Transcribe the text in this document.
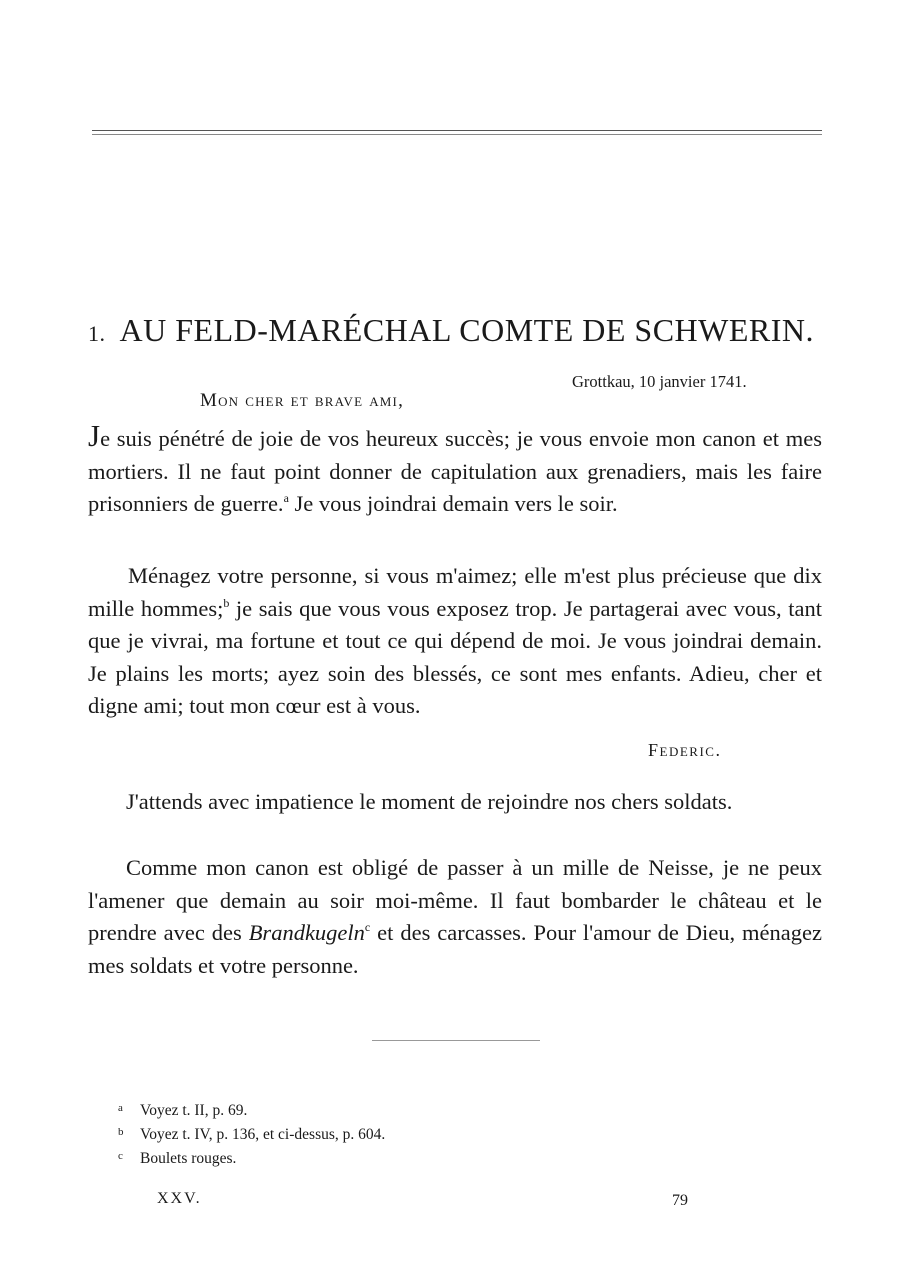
1. AU FELD-MARÉCHAL COMTE DE SCHWERIN.
Grottkau, 10 janvier 1741.
Mon cher et brave ami,

Je suis pénétré de joie de vos heureux succès; je vous envoie mon canon et mes mortiers. Il ne faut point donner de capitulation aux grenadiers, mais les faire prisonniers de guerre.$^a$ Je vous joindrai demain vers le soir.

Ménagez votre personne, si vous m'aimez; elle m'est plus précieuse que dix mille hommes;$^b$ je sais que vous vous exposez trop. Je partagerai avec vous, tant que je vivrai, ma fortune et tout ce qui dépend de moi. Je vous joindrai demain. Je plains les morts; ayez soin des blessés, ce sont mes enfants. Adieu, cher et digne ami; tout mon cœur est à vous.

Federic.

J'attends avec impatience le moment de rejoindre nos chers soldats.

Comme mon canon est obligé de passer à un mille de Neisse, je ne peux l'amener que demain au soir moi-même. Il faut bombarder le château et le prendre avec des Brandkugeln$^c$ et des carcasses. Pour l'amour de Dieu, ménagez mes soldats et votre personne.

a Voyez t. II, p. 69.
b Voyez t. IV, p. 136, et ci-dessus, p. 604.
c Boulets rouges.
XXV.	79
